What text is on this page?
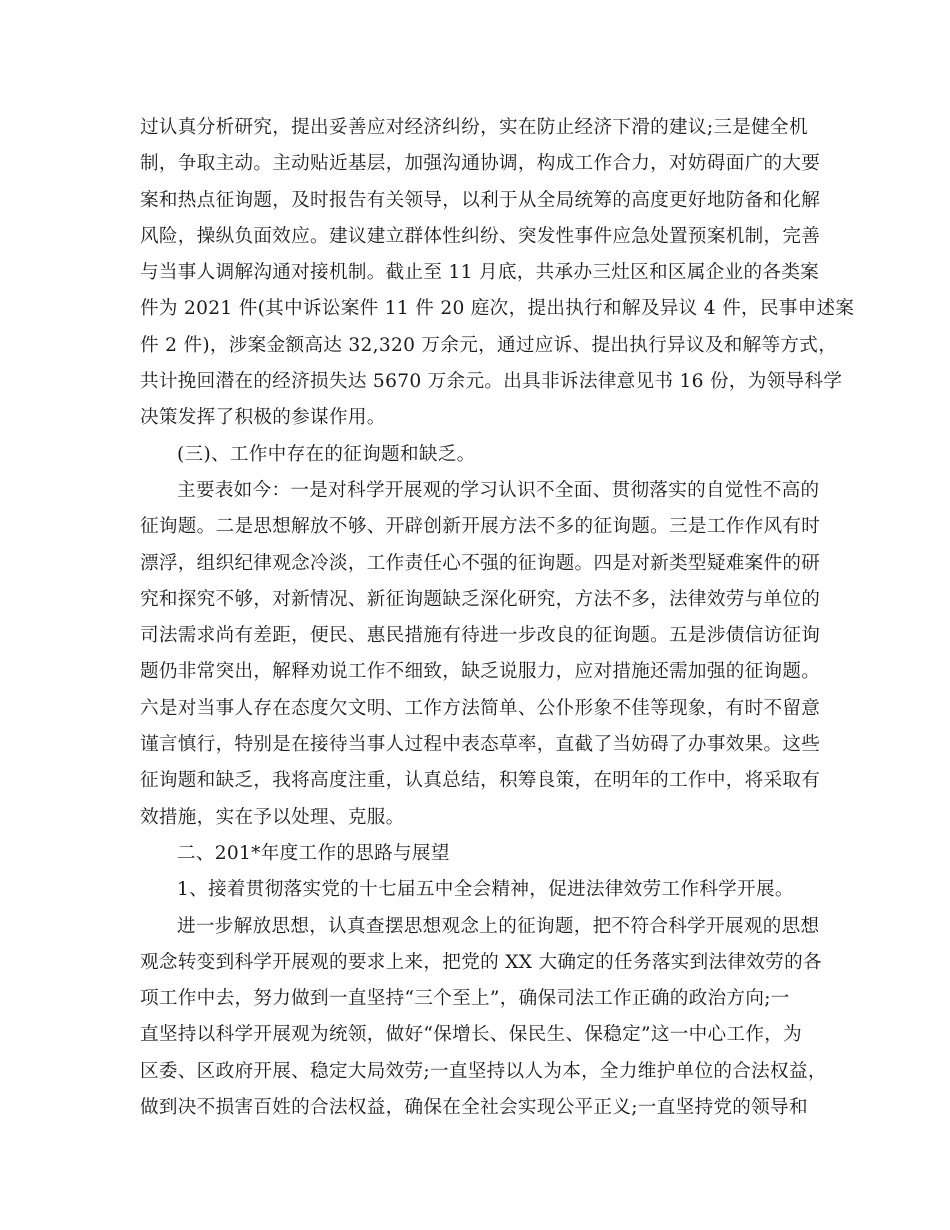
过认真分析研究，提出妥善应对经济纠纷，实在防止经济下滑的建议;三是健全机
制，争取主动。主动贴近基层，加强沟通协调，构成工作合力，对妨碍面广的大要
案和热点征询题，及时报告有关领导，以利于从全局统筹的高度更好地防备和化解
风险，操纵负面效应。建议建立群体性纠纷、突发性事件应急处置预案机制，完善
与当事人调解沟通对接机制。截止至 11 月底，共承办三灶区和区属企业的各类案
件为 2021 件(其中诉讼案件 11 件 20 庭次，提出执行和解及异议 4 件，民事申述案
件 2 件)，涉案金额高达 32,320 万余元，通过应诉、提出执行异议及和解等方式，
共计挽回潜在的经济损失达 5670 万余元。出具非诉法律意见书 16 份，为领导科学
决策发挥了积极的参谋作用。
(三)、工作中存在的征询题和缺乏。
主要表如今：一是对科学开展观的学习认识不全面、贯彻落实的自觉性不高的
征询题。二是思想解放不够、开辟创新开展方法不多的征询题。三是工作作风有时
漂浮，组织纪律观念冷淡，工作责任心不强的征询题。四是对新类型疑难案件的研
究和探究不够，对新情况、新征询题缺乏深化研究，方法不多，法律效劳与单位的
司法需求尚有差距，便民、惠民措施有待进一步改良的征询题。五是涉债信访征询
题仍非常突出，解释劝说工作不细致，缺乏说服力，应对措施还需加强的征询题。
六是对当事人存在态度欠文明、工作方法简单、公仆形象不佳等现象，有时不留意
谨言慎行，特别是在接待当事人过程中表态草率，直截了当妨碍了办事效果。这些
征询题和缺乏，我将高度注重，认真总结，积筹良策，在明年的工作中，将采取有
效措施，实在予以处理、克服。
二、201*年度工作的思路与展望
1、接着贯彻落实党的十七届五中全会精神，促进法律效劳工作科学开展。
进一步解放思想，认真查摆思想观念上的征询题，把不符合科学开展观的思想
观念转变到科学开展观的要求上来，把党的 XX 大确定的任务落实到法律效劳的各
项工作中去，努力做到一直坚持“三个至上”，确保司法工作正确的政治方向;一
直坚持以科学开展观为统领，做好“保增长、保民生、保稳定”这一中心工作，为
区委、区政府开展、稳定大局效劳;一直坚持以人为本，全力维护单位的合法权益，
做到决不损害百姓的合法权益，确保在全社会实现公平正义;一直坚持党的领导和
